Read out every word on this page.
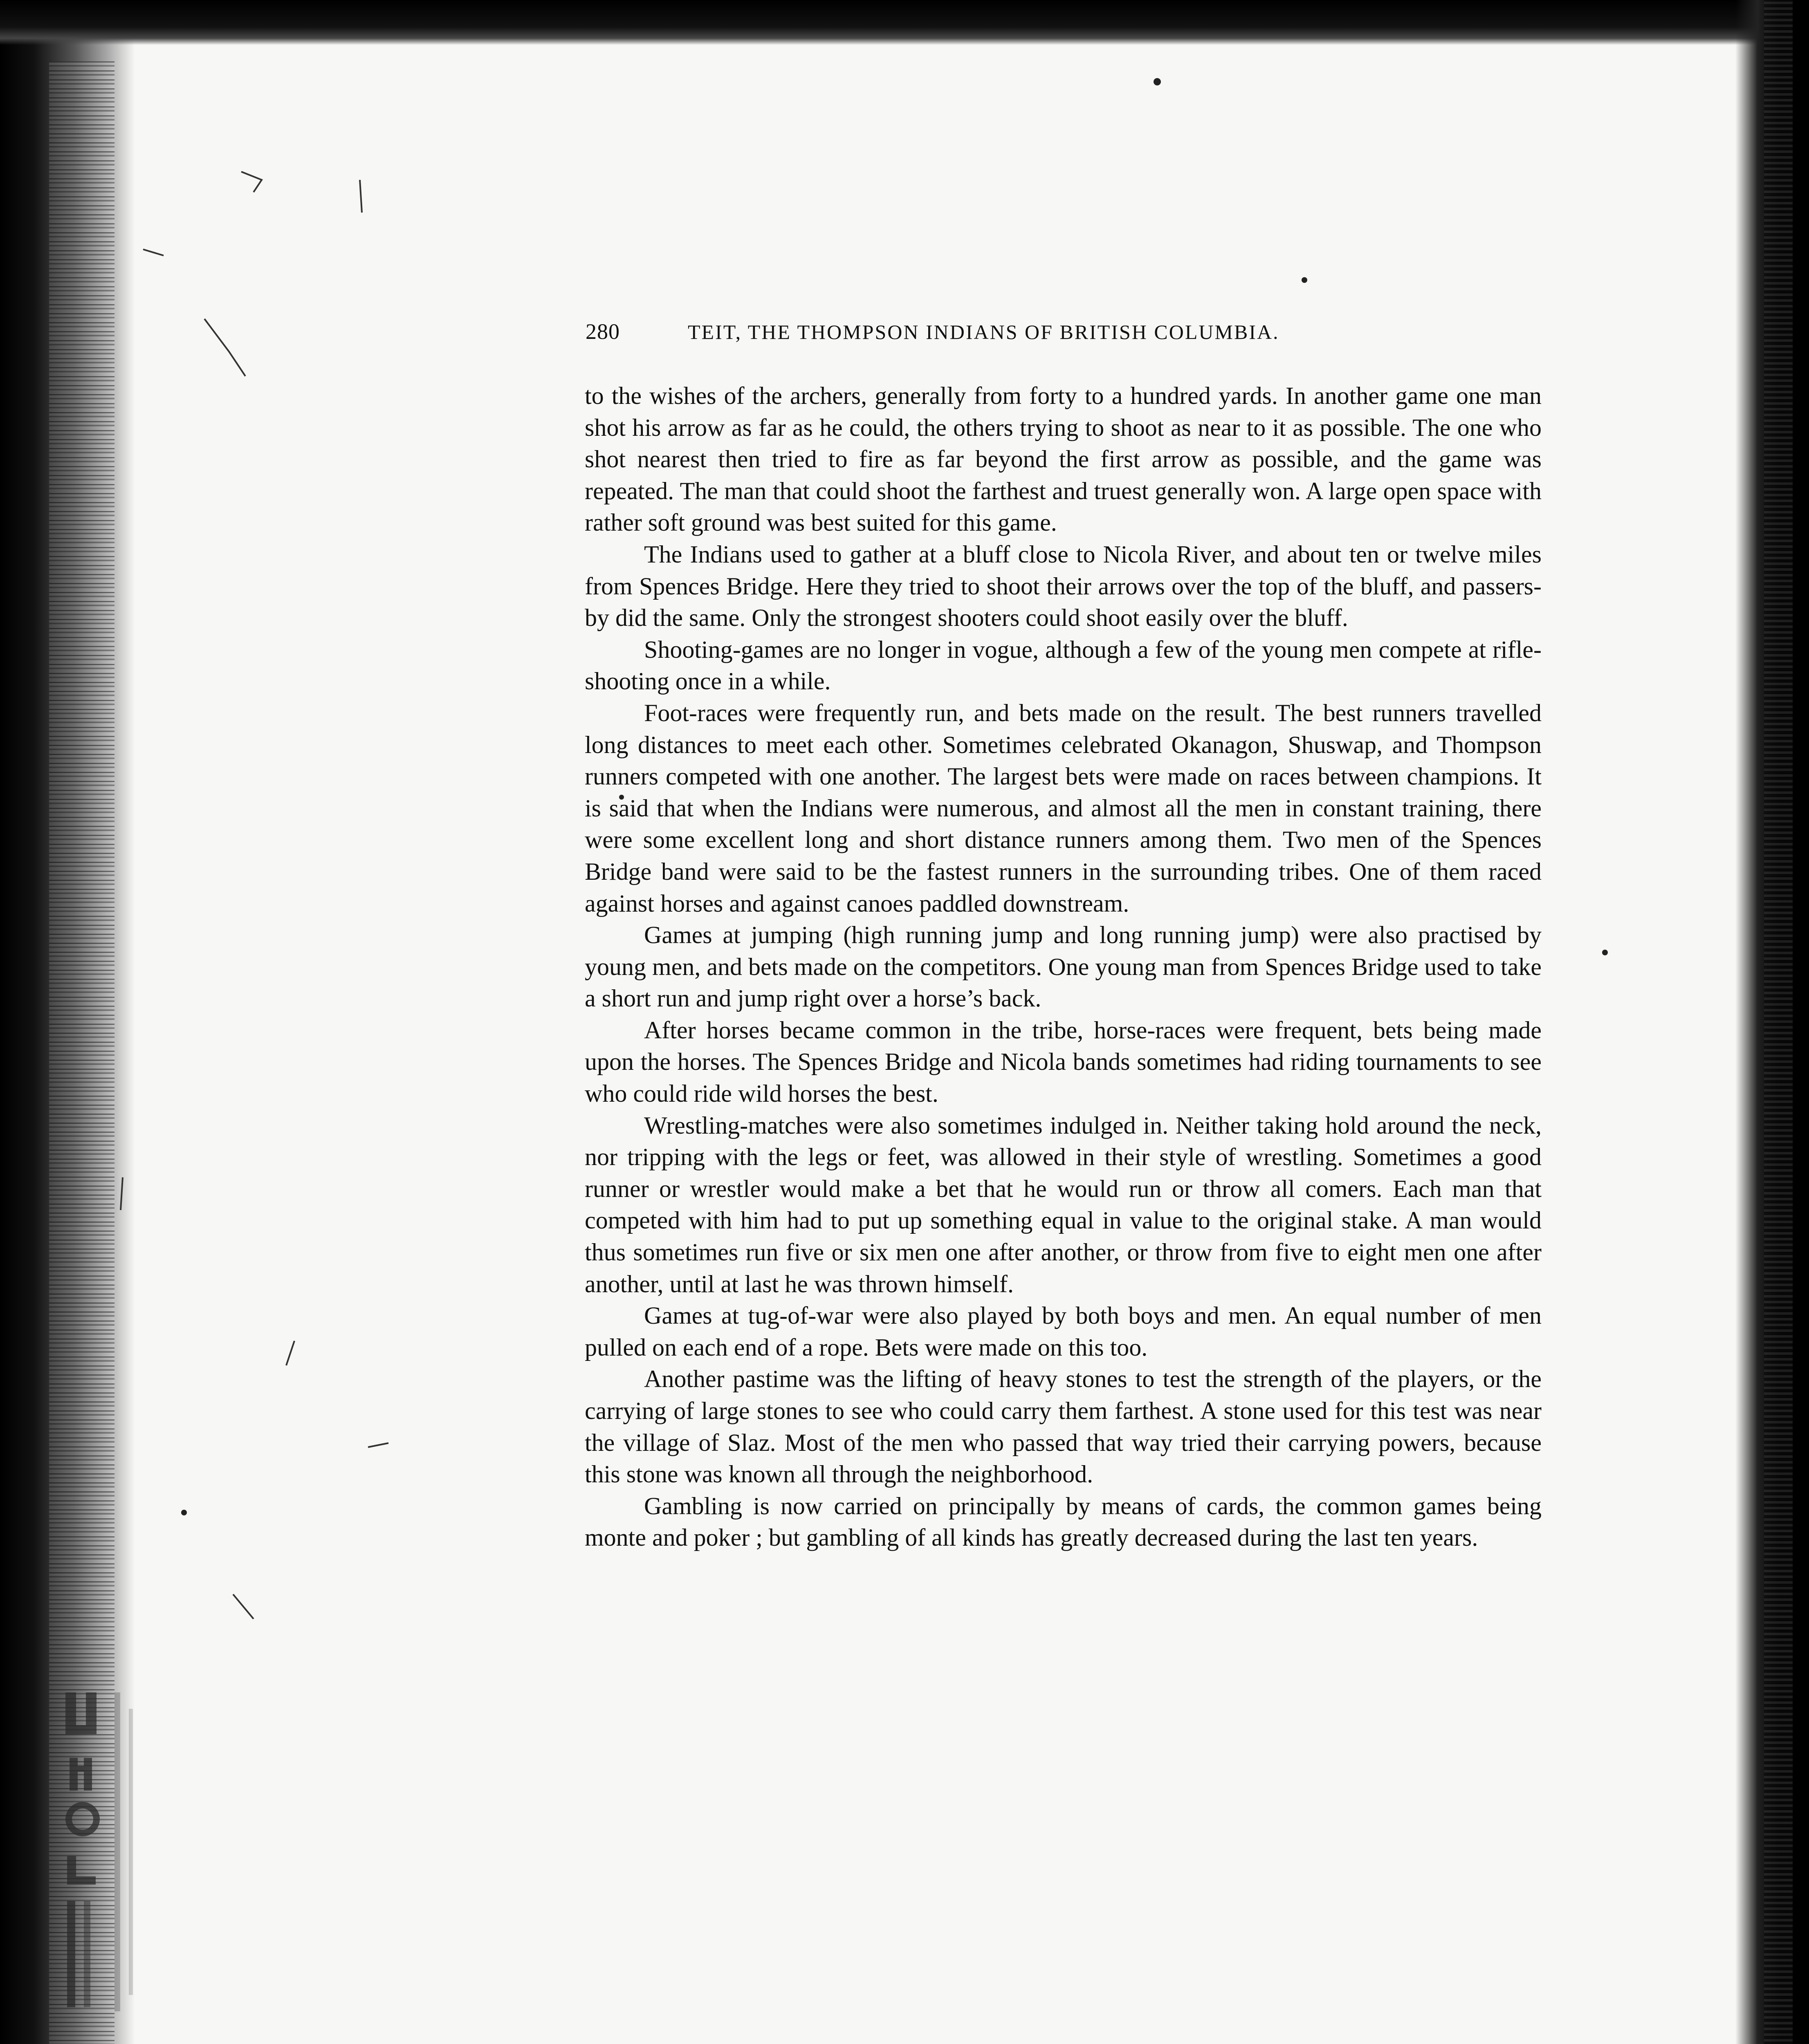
280	TEIT, THE THOMPSON INDIANS OF BRITISH COLUMBIA.

to the wishes of the archers, generally from forty to a hundred yards. In another game one man shot his arrow as far as he could, the others trying to shoot as near to it as possible. The one who shot nearest then tried to fire as far beyond the first arrow as possible, and the game was repeated. The man that could shoot the farthest and truest generally won. A large open space with rather soft ground was best suited for this game.

The Indians used to gather at a bluff close to Nicola River, and about ten or twelve miles from Spences Bridge. Here they tried to shoot their arrows over the top of the bluff, and passers-by did the same. Only the strongest shooters could shoot easily over the bluff.

Shooting-games are no longer in vogue, although a few of the young men compete at rifle-shooting once in a while.

Foot-races were frequently run, and bets made on the result. The best runners travelled long distances to meet each other. Sometimes celebrated Okanagon, Shuswap, and Thompson runners competed with one another. The largest bets were made on races between champions. It is said that when the Indians were numerous, and almost all the men in constant training, there were some excellent long and short distance runners among them. Two men of the Spences Bridge band were said to be the fastest runners in the surrounding tribes. One of them raced against horses and against canoes paddled downstream.

Games at jumping (high running jump and long running jump) were also practised by young men, and bets made on the competitors. One young man from Spences Bridge used to take a short run and jump right over a horse’s back.

After horses became common in the tribe, horse-races were frequent, bets being made upon the horses. The Spences Bridge and Nicola bands sometimes had riding tournaments to see who could ride wild horses the best.

Wrestling-matches were also sometimes indulged in. Neither taking hold around the neck, nor tripping with the legs or feet, was allowed in their style of wrestling. Sometimes a good runner or wrestler would make a bet that he would run or throw all comers. Each man that competed with him had to put up something equal in value to the original stake. A man would thus sometimes run five or six men one after another, or throw from five to eight men one after another, until at last he was thrown himself.

Games at tug-of-war were also played by both boys and men. An equal number of men pulled on each end of a rope. Bets were made on this too.

Another pastime was the lifting of heavy stones to test the strength of the players, or the carrying of large stones to see who could carry them farthest. A stone used for this test was near the village of Slaz. Most of the men who passed that way tried their carrying powers, because this stone was known all through the neighborhood.

Gambling is now carried on principally by means of cards, the common games being monte and poker ; but gambling of all kinds has greatly decreased during the last ten years.
